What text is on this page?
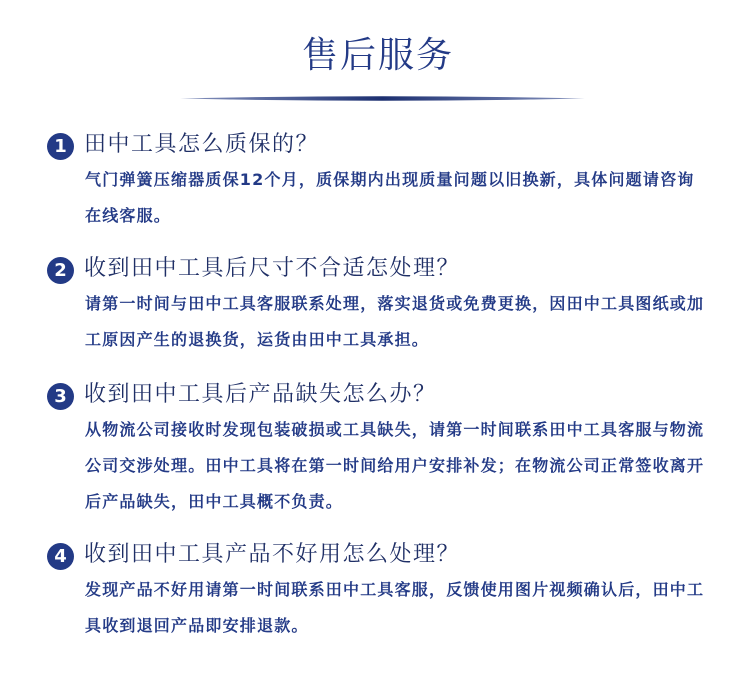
售后服务
1 田中工具怎么质保的？

气门弹簧压缩器质保12个月，质保期内出现质量问题以旧换新，具体问题请咨询在线客服。

2 收到田中工具后尺寸不合适怎处理？

请第一时间与田中工具客服联系处理，落实退货或免费更换，因田中工具图纸或加工原因产生的退换货，运货由田中工具承担。

3 收到田中工具后产品缺失怎么办？

从物流公司接收时发现包装破损或工具缺失，请第一时间联系田中工具客服与物流公司交涉处理。田中工具将在第一时间给用户安排补发；在物流公司正常签收离开后产品缺失，田中工具概不负责。

4 收到田中工具产品不好用怎么处理？

发现产品不好用请第一时间联系田中工具客服，反馈使用图片视频确认后，田中工具收到退回产品即安排退款。
